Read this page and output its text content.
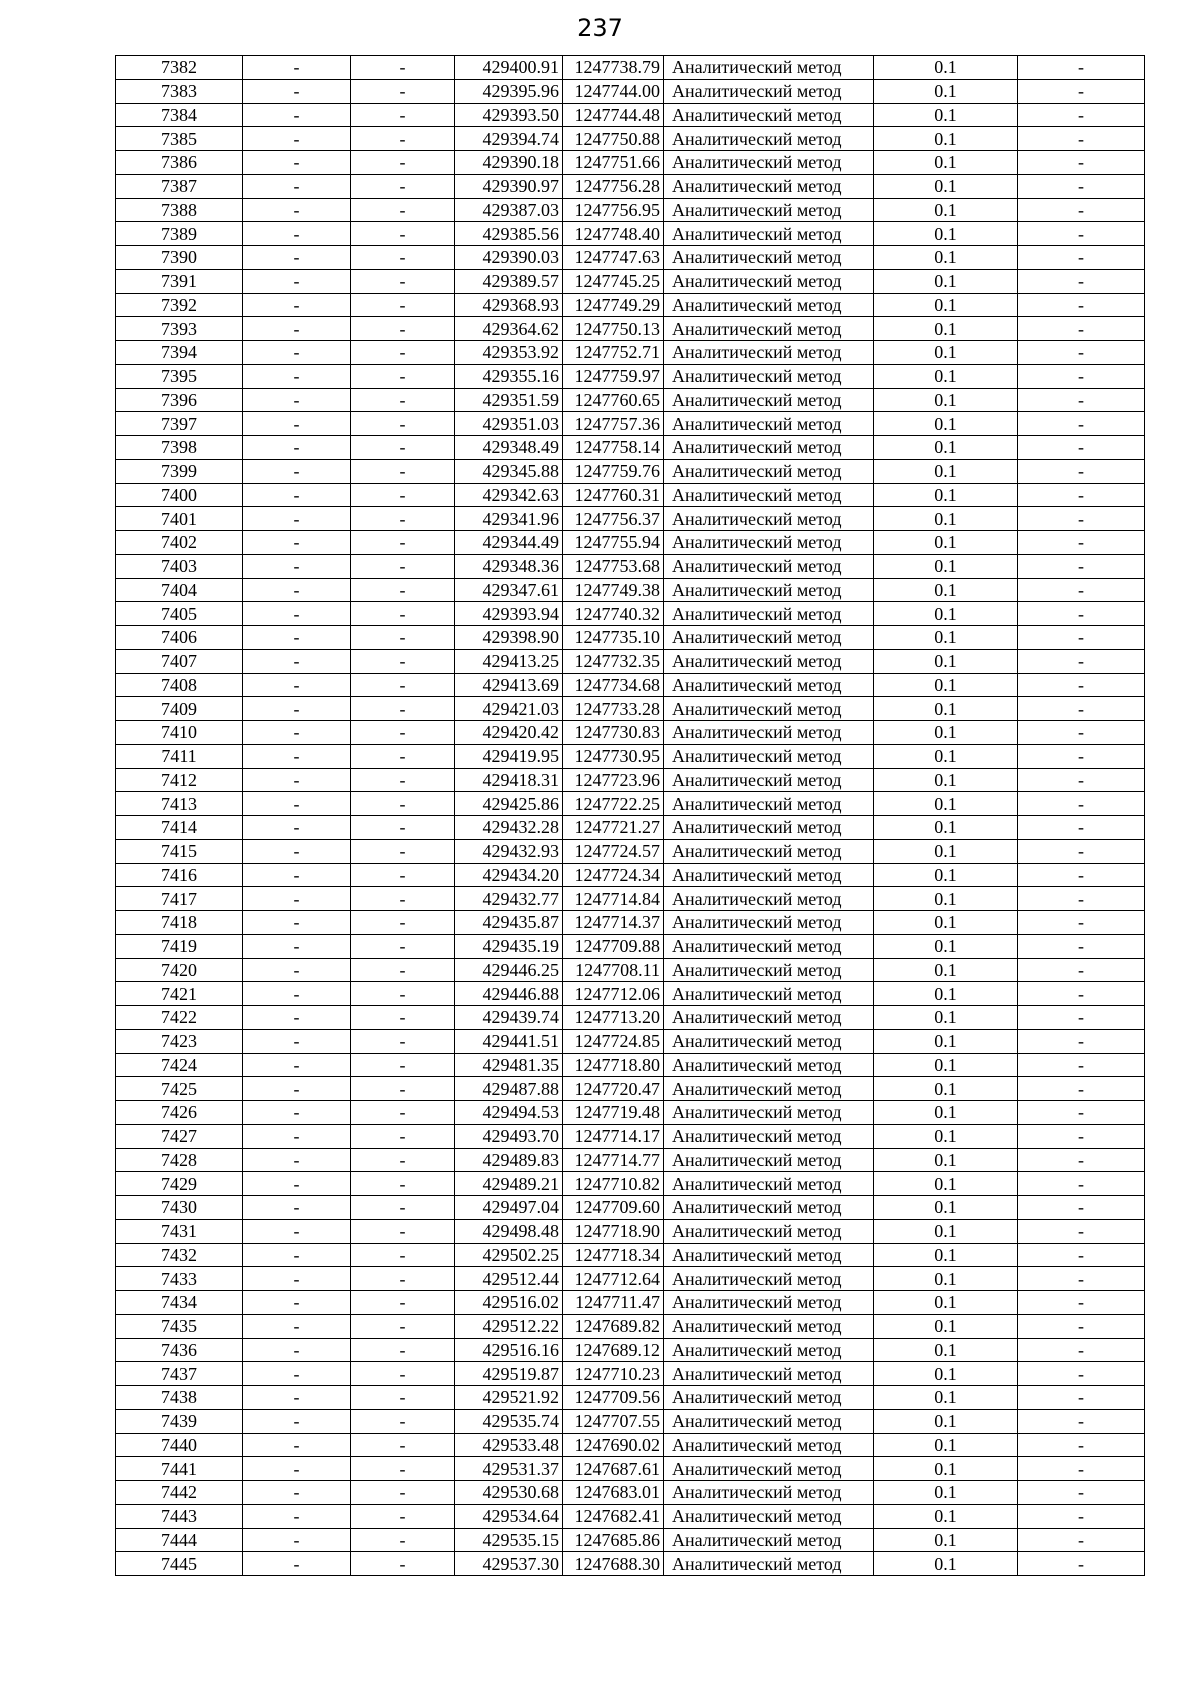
237
7382	-	-	429400.91	1247738.79	Аналитический метод	0.1	-
7383	-	-	429395.96	1247744.00	Аналитический метод	0.1	-
7384	-	-	429393.50	1247744.48	Аналитический метод	0.1	-
7385	-	-	429394.74	1247750.88	Аналитический метод	0.1	-
7386	-	-	429390.18	1247751.66	Аналитический метод	0.1	-
7387	-	-	429390.97	1247756.28	Аналитический метод	0.1	-
7388	-	-	429387.03	1247756.95	Аналитический метод	0.1	-
7389	-	-	429385.56	1247748.40	Аналитический метод	0.1	-
7390	-	-	429390.03	1247747.63	Аналитический метод	0.1	-
7391	-	-	429389.57	1247745.25	Аналитический метод	0.1	-
7392	-	-	429368.93	1247749.29	Аналитический метод	0.1	-
7393	-	-	429364.62	1247750.13	Аналитический метод	0.1	-
7394	-	-	429353.92	1247752.71	Аналитический метод	0.1	-
7395	-	-	429355.16	1247759.97	Аналитический метод	0.1	-
7396	-	-	429351.59	1247760.65	Аналитический метод	0.1	-
7397	-	-	429351.03	1247757.36	Аналитический метод	0.1	-
7398	-	-	429348.49	1247758.14	Аналитический метод	0.1	-
7399	-	-	429345.88	1247759.76	Аналитический метод	0.1	-
7400	-	-	429342.63	1247760.31	Аналитический метод	0.1	-
7401	-	-	429341.96	1247756.37	Аналитический метод	0.1	-
7402	-	-	429344.49	1247755.94	Аналитический метод	0.1	-
7403	-	-	429348.36	1247753.68	Аналитический метод	0.1	-
7404	-	-	429347.61	1247749.38	Аналитический метод	0.1	-
7405	-	-	429393.94	1247740.32	Аналитический метод	0.1	-
7406	-	-	429398.90	1247735.10	Аналитический метод	0.1	-
7407	-	-	429413.25	1247732.35	Аналитический метод	0.1	-
7408	-	-	429413.69	1247734.68	Аналитический метод	0.1	-
7409	-	-	429421.03	1247733.28	Аналитический метод	0.1	-
7410	-	-	429420.42	1247730.83	Аналитический метод	0.1	-
7411	-	-	429419.95	1247730.95	Аналитический метод	0.1	-
7412	-	-	429418.31	1247723.96	Аналитический метод	0.1	-
7413	-	-	429425.86	1247722.25	Аналитический метод	0.1	-
7414	-	-	429432.28	1247721.27	Аналитический метод	0.1	-
7415	-	-	429432.93	1247724.57	Аналитический метод	0.1	-
7416	-	-	429434.20	1247724.34	Аналитический метод	0.1	-
7417	-	-	429432.77	1247714.84	Аналитический метод	0.1	-
7418	-	-	429435.87	1247714.37	Аналитический метод	0.1	-
7419	-	-	429435.19	1247709.88	Аналитический метод	0.1	-
7420	-	-	429446.25	1247708.11	Аналитический метод	0.1	-
7421	-	-	429446.88	1247712.06	Аналитический метод	0.1	-
7422	-	-	429439.74	1247713.20	Аналитический метод	0.1	-
7423	-	-	429441.51	1247724.85	Аналитический метод	0.1	-
7424	-	-	429481.35	1247718.80	Аналитический метод	0.1	-
7425	-	-	429487.88	1247720.47	Аналитический метод	0.1	-
7426	-	-	429494.53	1247719.48	Аналитический метод	0.1	-
7427	-	-	429493.70	1247714.17	Аналитический метод	0.1	-
7428	-	-	429489.83	1247714.77	Аналитический метод	0.1	-
7429	-	-	429489.21	1247710.82	Аналитический метод	0.1	-
7430	-	-	429497.04	1247709.60	Аналитический метод	0.1	-
7431	-	-	429498.48	1247718.90	Аналитический метод	0.1	-
7432	-	-	429502.25	1247718.34	Аналитический метод	0.1	-
7433	-	-	429512.44	1247712.64	Аналитический метод	0.1	-
7434	-	-	429516.02	1247711.47	Аналитический метод	0.1	-
7435	-	-	429512.22	1247689.82	Аналитический метод	0.1	-
7436	-	-	429516.16	1247689.12	Аналитический метод	0.1	-
7437	-	-	429519.87	1247710.23	Аналитический метод	0.1	-
7438	-	-	429521.92	1247709.56	Аналитический метод	0.1	-
7439	-	-	429535.74	1247707.55	Аналитический метод	0.1	-
7440	-	-	429533.48	1247690.02	Аналитический метод	0.1	-
7441	-	-	429531.37	1247687.61	Аналитический метод	0.1	-
7442	-	-	429530.68	1247683.01	Аналитический метод	0.1	-
7443	-	-	429534.64	1247682.41	Аналитический метод	0.1	-
7444	-	-	429535.15	1247685.86	Аналитический метод	0.1	-
7445	-	-	429537.30	1247688.30	Аналитический метод	0.1	-
